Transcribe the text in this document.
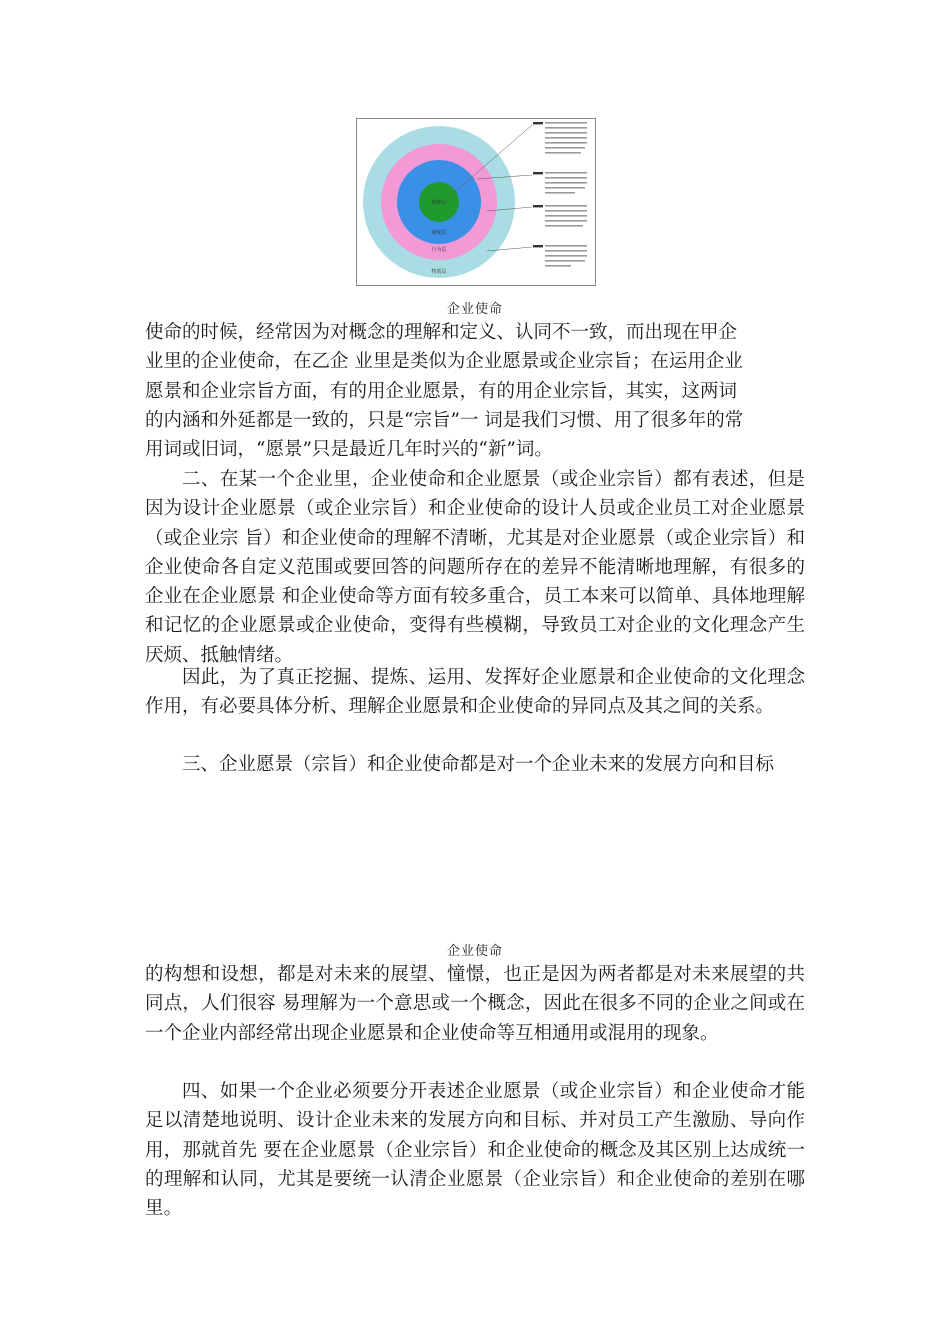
精神层
制度层
行为层
物质层
企业使命
使命的时候，经常因为对概念的理解和定义、认同不一致，而出现在甲企
业里的企业使命，在乙企 业里是类似为企业愿景或企业宗旨；在运用企业
愿景和企业宗旨方面，有的用企业愿景，有的用企业宗旨，其实，这两词
的内涵和外延都是一致的，只是“宗旨”一 词是我们习惯、用了很多年的常
用词或旧词，“愿景”只是最近几年时兴的“新”词。

二、在某一个企业里，企业使命和企业愿景（或企业宗旨）都有表述，但是因为设计企业愿景（或企业宗旨）和企业使命的设计人员或企业员工对企业愿景（或企业宗 旨）和企业使命的理解不清晰，尤其是对企业愿景（或企业宗旨）和企业使命各自定义范围或要回答的问题所存在的差异不能清晰地理解，有很多的企业在企业愿景 和企业使命等方面有较多重合，员工本来可以简单、具体地理解和记忆的企业愿景或企业使命，变得有些模糊，导致员工对企业的文化理念产生厌烦、抵触情绪。

因此，为了真正挖掘、提炼、运用、发挥好企业愿景和企业使命的文化理念作用，有必要具体分析、理解企业愿景和企业使命的异同点及其之间的关系。

三、企业愿景（宗旨）和企业使命都是对一个企业未来的发展方向和目标

企业使命

的构想和设想，都是对未来的展望、憧憬，也正是因为两者都是对未来展望的共同点，人们很容 易理解为一个意思或一个概念，因此在很多不同的企业之间或在一个企业内部经常出现企业愿景和企业使命等互相通用或混用的现象。

四、如果一个企业必须要分开表述企业愿景（或企业宗旨）和企业使命才能足以清楚地说明、设计企业未来的发展方向和目标、并对员工产生激励、导向作用，那就首先 要在企业愿景（企业宗旨）和企业使命的概念及其区别上达成统一的理解和认同，尤其是要统一认清企业愿景（企业宗旨）和企业使命的差别在哪里。
